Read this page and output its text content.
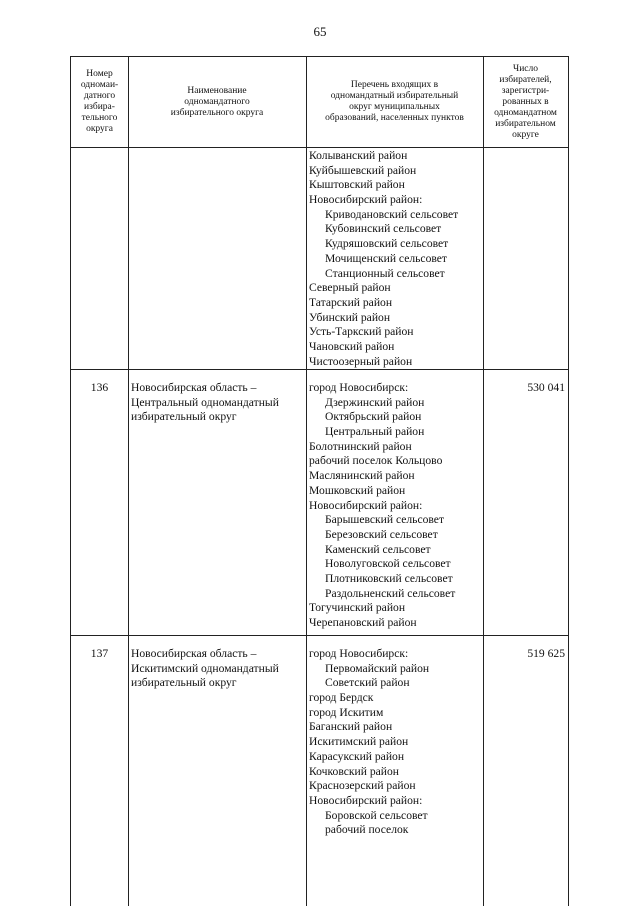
65
Номер
одномаи-
датного
избира-
тельного
округа
Наименование
одномандатного
избирательного округа
Перечень входящих в
одномандатный избирательный
округ муниципальных
образований, населенных пунктов
Число
избирателей,
зарегистри-
рованных в
одномандатном
избирательном
округе
Колыванский район
Куйбышевский район
Кыштовский район
Новосибирский район:
Криводановский сельсовет
Кубовинский сельсовет
Кудряшовский сельсовет
Мочищенский сельсовет
Станционный сельсовет
Северный район
Татарский район
Убинский район
Усть-Таркский район
Чановский район
Чистоозерный район
136	Новосибирская область –
Центральный одномандатный
избирательный округ
город Новосибирск:
Дзержинский район
Октябрьский район
Центральный район
Болотнинский район
рабочий поселок Кольцово
Маслянинский район
Мошковский район
Новосибирский район:
Барышевский сельсовет
Березовский сельсовет
Каменский сельсовет
Новолуговской сельсовет
Плотниковский сельсовет
Раздольненский сельсовет
Тогучинский район
Черепановский район
530 041
137	Новосибирская область –
Искитимский одномандатный
избирательный округ
город Новосибирск:
Первомайский район
Советский район
город Бердск
город Искитим
Баганский район
Искитимский район
Карасукский район
Кочковский район
Краснозерский район
Новосибирский район:
Боровской сельсовет
рабочий поселок
519 625
